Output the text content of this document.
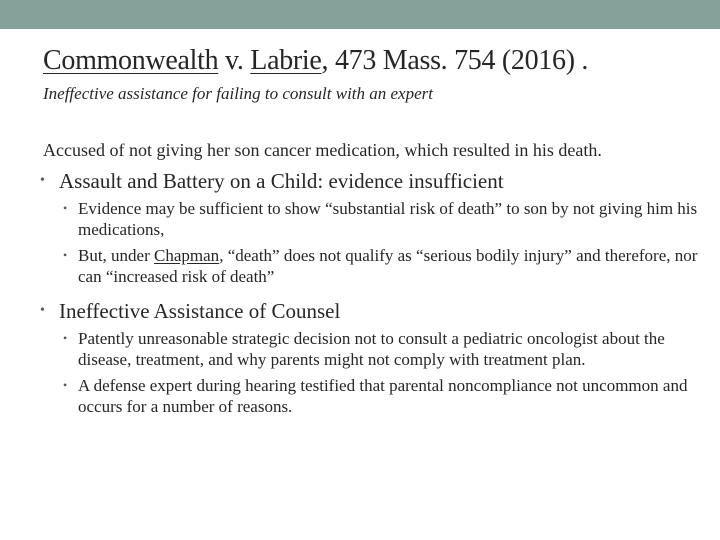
Commonwealth v. Labrie, 473 Mass. 754 (2016) .
Ineffective assistance for failing to consult with an expert
Accused of not giving her son cancer medication, which resulted in his death.
• Assault and Battery on a Child: evidence insufficient
• Evidence may be sufficient to show “substantial risk of death” to son by not giving him his medications,
• But, under Chapman, “death” does not qualify as “serious bodily injury” and therefore, nor can “increased risk of death”
• Ineffective Assistance of Counsel
• Patently unreasonable strategic decision not to consult a pediatric oncologist about the disease, treatment, and why parents might not comply with treatment plan.
• A defense expert during hearing testified that parental noncompliance not uncommon and occurs for a number of reasons.
